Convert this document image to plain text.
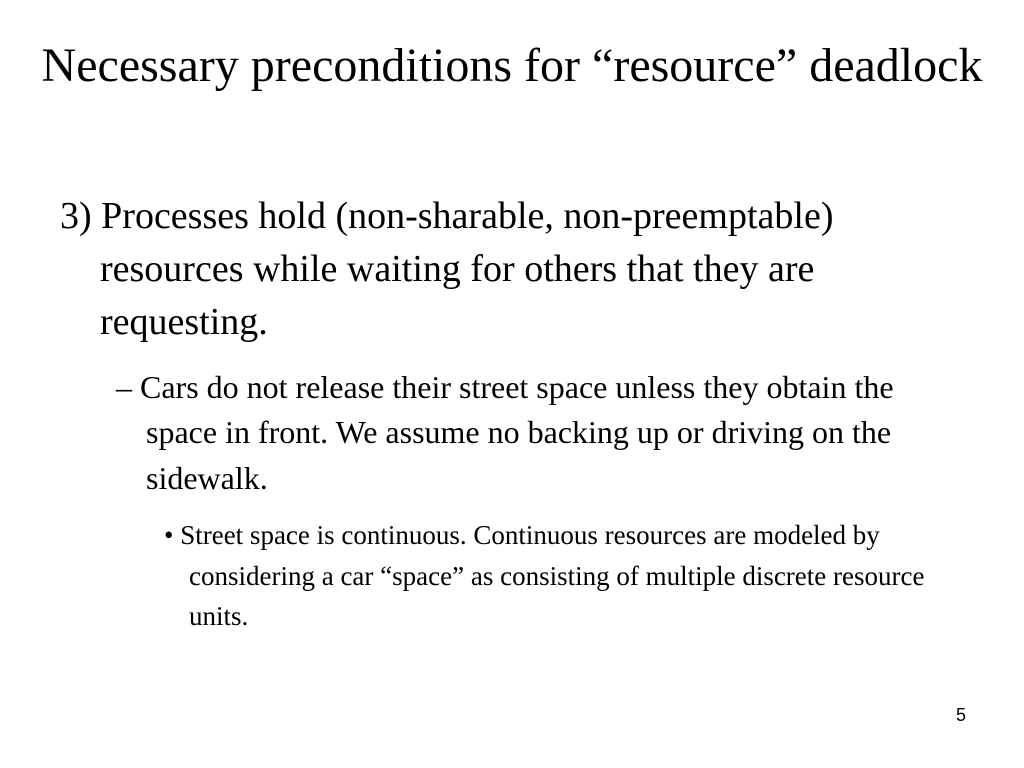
Necessary preconditions for “resource” deadlock
3) Processes hold (non-sharable, non-preemptable) resources while waiting for others that they are requesting.
– Cars do not release their street space unless they obtain the space in front. We assume no backing up or driving on the sidewalk.
• Street space is continuous. Continuous resources are modeled by considering a car “space” as consisting of multiple discrete resource units.
5
